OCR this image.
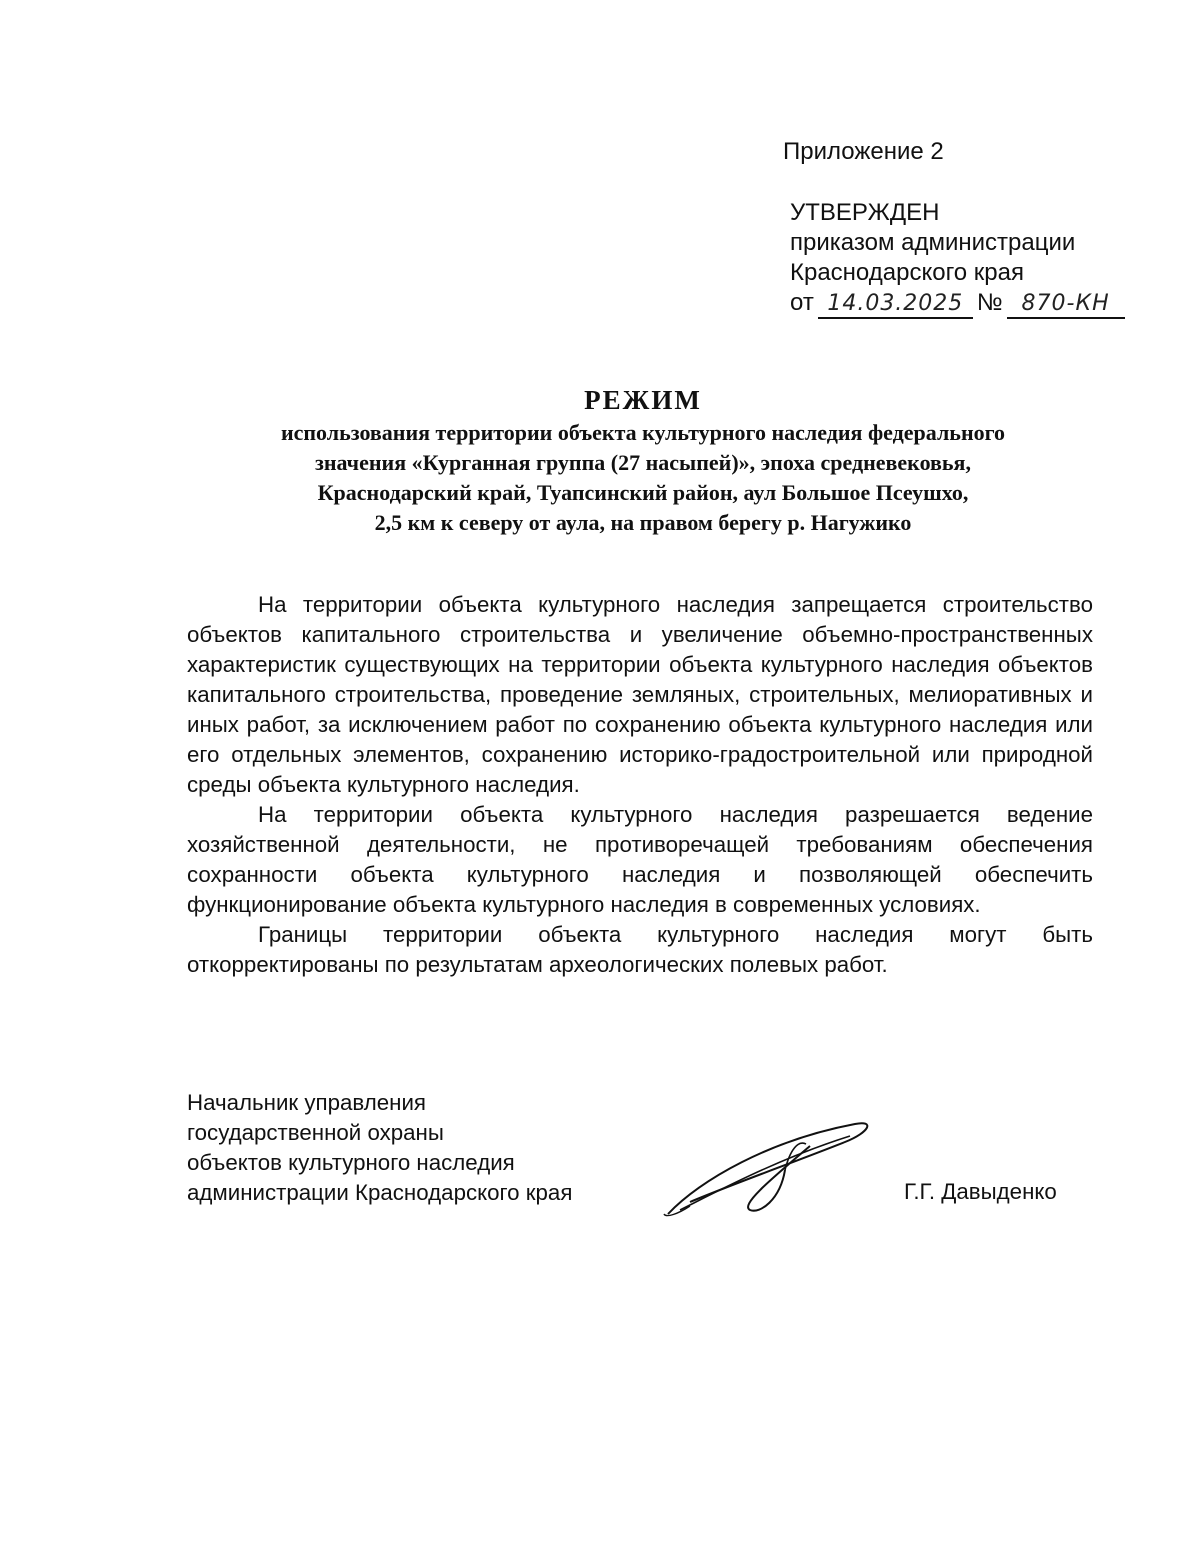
Приложение 2
УТВЕРЖДЕН
приказом администрации
Краснодарского края
от 14.03.2025 № 870-КН
РЕЖИМ
использования территории объекта культурного наследия федерального
значения «Курганная группа (27 насыпей)», эпоха средневековья,
Краснодарский край, Туапсинский район, аул Большое Псеушхо,
2,5 км к северу от аула, на правом берегу р. Нагужико

На территории объекта культурного наследия запрещается строительство объектов капитального строительства и увеличение объемно-пространственных характеристик существующих на территории объекта культурного наследия объектов капитального строительства, проведение земляных, строительных, мелиоративных и иных работ, за исключением работ по сохранению объекта культурного наследия или его отдельных элементов, сохранению историко-градостроительной или природной среды объекта культурного наследия.

На территории объекта культурного наследия разрешается ведение хозяйственной деятельности, не противоречащей требованиям обеспечения сохранности объекта культурного наследия и позволяющей обеспечить функционирование объекта культурного наследия в современных условиях.

Границы территории объекта культурного наследия могут быть откорректированы по результатам археологических полевых работ.

Начальник управления
государственной охраны
объектов культурного наследия
администрации Краснодарского края	Г.Г. Давыденко
